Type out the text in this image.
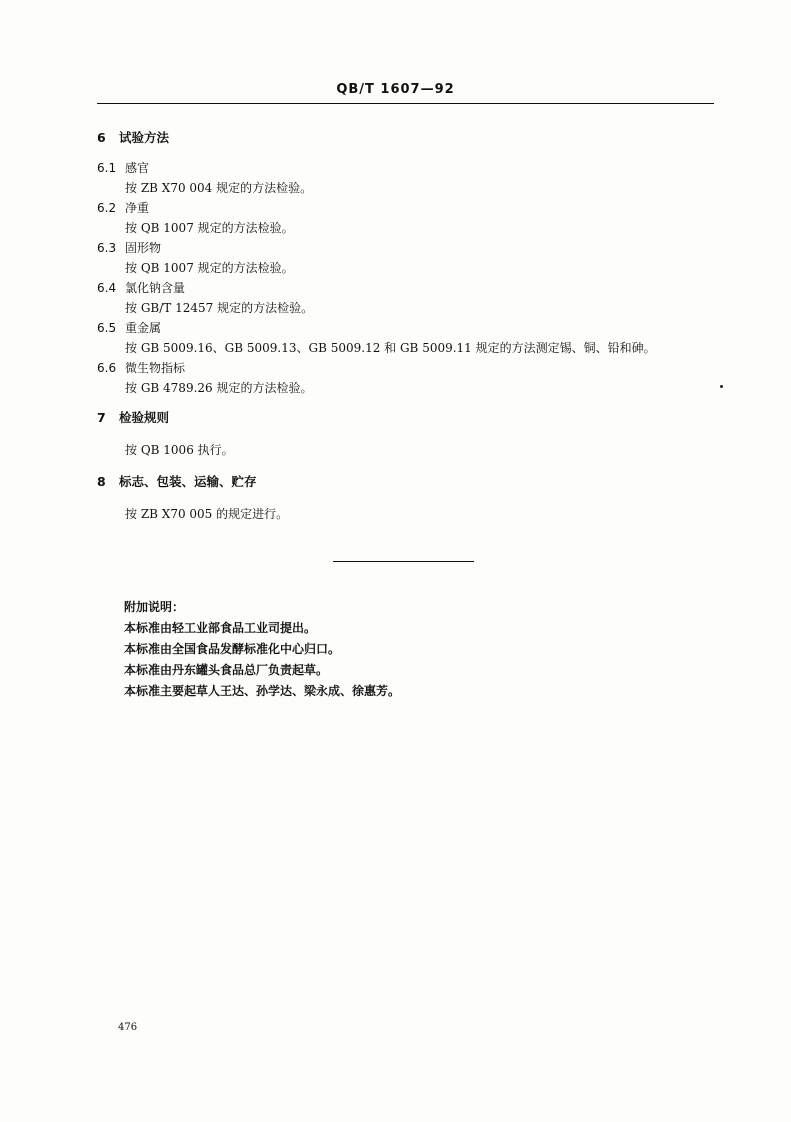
QB/T 1607—92

6 试验方法

6.1 感官

按 ZB X70 004 规定的方法检验。

6.2 净重

按 QB 1007 规定的方法检验。

6.3 固形物

按 QB 1007 规定的方法检验。

6.4 氯化钠含量

按 GB/T 12457 规定的方法检验。

6.5 重金属

按 GB 5009.16、GB 5009.13、GB 5009.12 和 GB 5009.11 规定的方法测定锡、铜、铅和砷。

6.6 微生物指标

按 GB 4789.26 规定的方法检验。

7 检验规则

按 QB 1006 执行。

8 标志、包装、运输、贮存

按 ZB X70 005 的规定进行。

附加说明：

本标准由轻工业部食品工业司提出。

本标准由全国食品发酵标准化中心归口。

本标准由丹东罐头食品总厂负责起草。

本标准主要起草人王达、孙学达、梁永成、徐惠芳。

476
